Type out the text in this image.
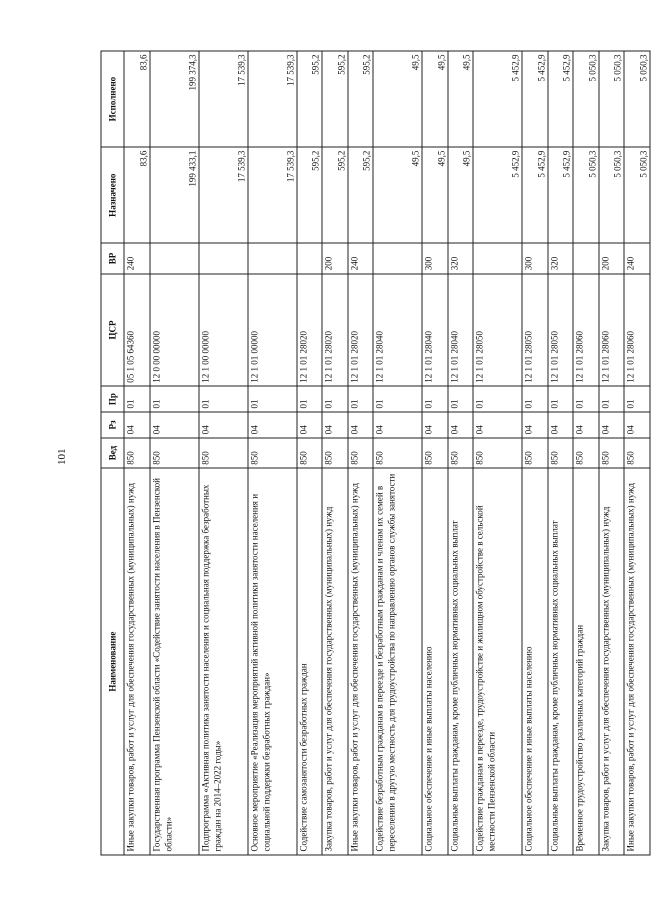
101
Наименование	Вед	Рз	Пр	ЦСР	ВР	Назначено	Исполнено
Иные закупки товаров, работ и услуг для обеспечения государственных (муниципальных) нужд	850	04	01	05 1 05 64360	240	83,6	83,6
Государственная программа Пензенской области «Содействие занятости населения в Пензенской области»	850	04	01	12 0 00 00000		199 433,1	199 374,3
Подпрограмма «Активная политика занятости населения и социальная поддержка безработных граждан на 2014–2022 годы»	850	04	01	12 1 00 00000		17 539,3	17 539,3
Основное мероприятие «Реализация мероприятий активной политики занятости населения и социальной поддержки безработных граждан»	850	04	01	12 1 01 00000		17 539,3	17 539,3
Содействие самозанятости безработных граждан	850	04	01	12 1 01 28020		595,2	595,2
Закупка товаров, работ и услуг для обеспечения государственных (муниципальных) нужд	850	04	01	12 1 01 28020	200	595,2	595,2
Иные закупки товаров, работ и услуг для обеспечения государственных (муниципальных) нужд	850	04	01	12 1 01 28020	240	595,2	595,2
Содействие безработным гражданам в переезде и безработным гражданам и членам их семей в переселении в другую местность для трудоустройства по направлению органов службы занятости	850	04	01	12 1 01 28040		49,5	49,5
Социальное обеспечение и иные выплаты населению	850	04	01	12 1 01 28040	300	49,5	49,5
Социальные выплаты гражданам, кроме публичных нормативных социальных выплат	850	04	01	12 1 01 28040	320	49,5	49,5
Содействие гражданам в переезде, трудоустройстве и жилищном обустройстве в сельской местности Пензенской области	850	04	01	12 1 01 28050		5 452,9	5 452,9
Социальное обеспечение и иные выплаты населению	850	04	01	12 1 01 28050	300	5 452,9	5 452,9
Социальные выплаты гражданам, кроме публичных нормативных социальных выплат	850	04	01	12 1 01 28050	320	5 452,9	5 452,9
Временное трудоустройство различных категорий граждан	850	04	01	12 1 01 28060		5 050,3	5 050,3
Закупка товаров, работ и услуг для обеспечения государственных (муниципальных) нужд	850	04	01	12 1 01 28060	200	5 050,3	5 050,3
Иные закупки товаров, работ и услуг для обеспечения государственных (муниципальных) нужд	850	04	01	12 1 01 28060	240	5 050,3	5 050,3
